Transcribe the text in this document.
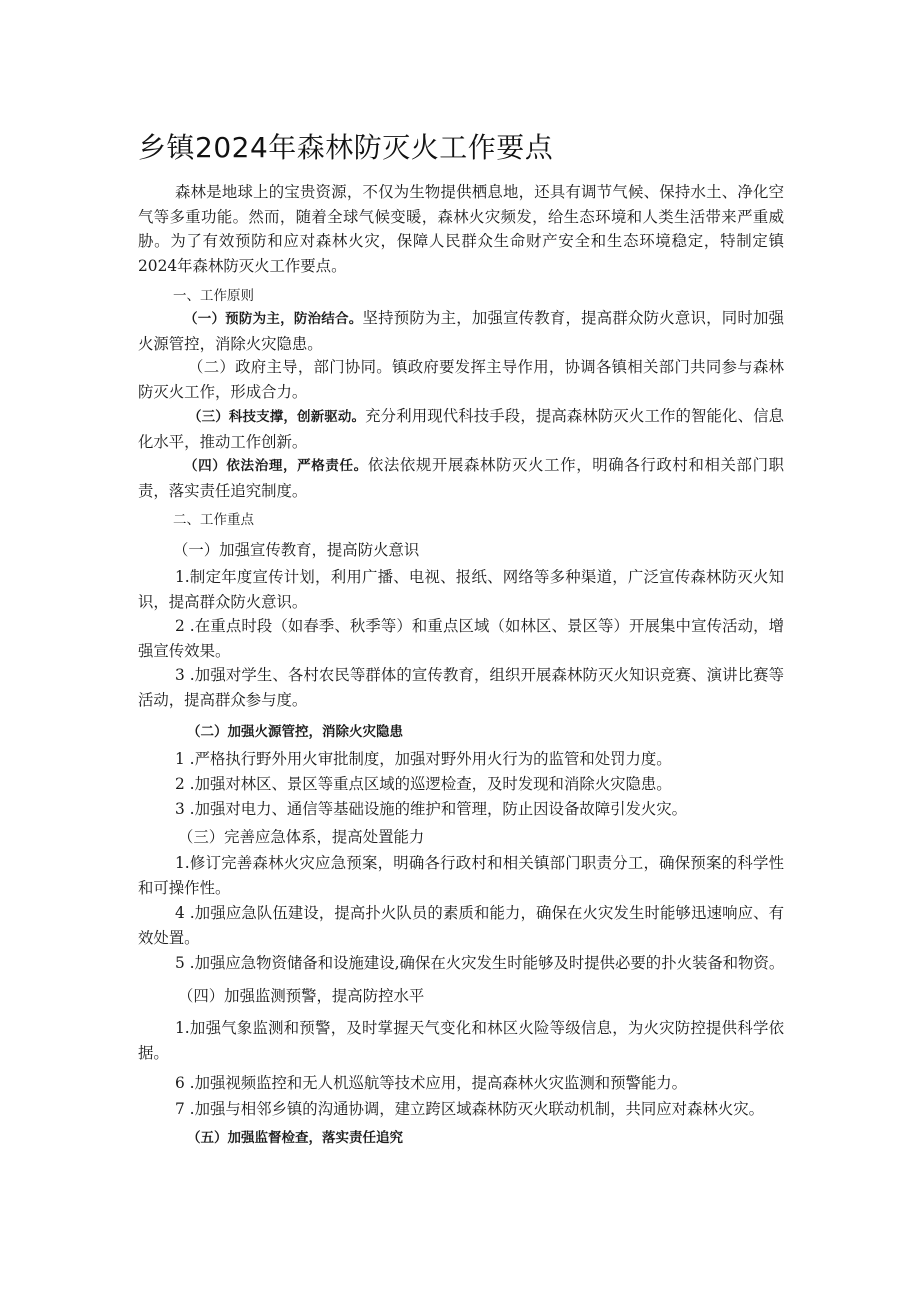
乡镇2024年森林防灭火工作要点

森林是地球上的宝贵资源，不仅为生物提供栖息地，还具有调节气候、保持水土、净化空气等多重功能。然而，随着全球气候变暖，森林火灾频发，给生态环境和人类生活带来严重威胁。为了有效预防和应对森林火灾，保障人民群众生命财产安全和生态环境稳定，特制定镇2024年森林防灭火工作要点。

一、工作原则

（一）预防为主，防治结合。坚持预防为主，加强宣传教育，提高群众防火意识，同时加强火源管控，消除火灾隐患。

（二）政府主导，部门协同。镇政府要发挥主导作用，协调各镇相关部门共同参与森林防灭火工作，形成合力。

（三）科技支撑，创新驱动。充分利用现代科技手段，提高森林防灭火工作的智能化、信息化水平，推动工作创新。

（四）依法治理，严格责任。依法依规开展森林防灭火工作，明确各行政村和相关部门职责，落实责任追究制度。

二、工作重点
（一）加强宣传教育，提高防火意识

1.制定年度宣传计划，利用广播、电视、报纸、网络等多种渠道，广泛宣传森林防灭火知识，提高群众防火意识。

2 .在重点时段（如春季、秋季等）和重点区域（如林区、景区等）开展集中宣传活动，增强宣传效果。

3 .加强对学生、各村农民等群体的宣传教育，组织开展森林防灭火知识竞赛、演讲比赛等活动，提高群众参与度。

（二）加强火源管控，消除火灾隐患
1 .严格执行野外用火审批制度，加强对野外用火行为的监管和处罚力度。
2 .加强对林区、景区等重点区域的巡逻检查，及时发现和消除火灾隐患。
3 .加强对电力、通信等基础设施的维护和管理，防止因设备故障引发火灾。
（三）完善应急体系，提高处置能力

1.修订完善森林火灾应急预案，明确各行政村和相关镇部门职责分工，确保预案的科学性和可操作性。

4 .加强应急队伍建设，提高扑火队员的素质和能力，确保在火灾发生时能够迅速响应、有效处置。

5 .加强应急物资储备和设施建设,确保在火灾发生时能够及时提供必要的扑火装备和物资。
（四）加强监测预警，提高防控水平

1.加强气象监测和预警，及时掌握天气变化和林区火险等级信息，为火灾防控提供科学依据。

6 .加强视频监控和无人机巡航等技术应用，提高森林火灾监测和预警能力。
7 .加强与相邻乡镇的沟通协调，建立跨区域森林防灭火联动机制，共同应对森林火灾。
（五）加强监督检查，落实责任追究
